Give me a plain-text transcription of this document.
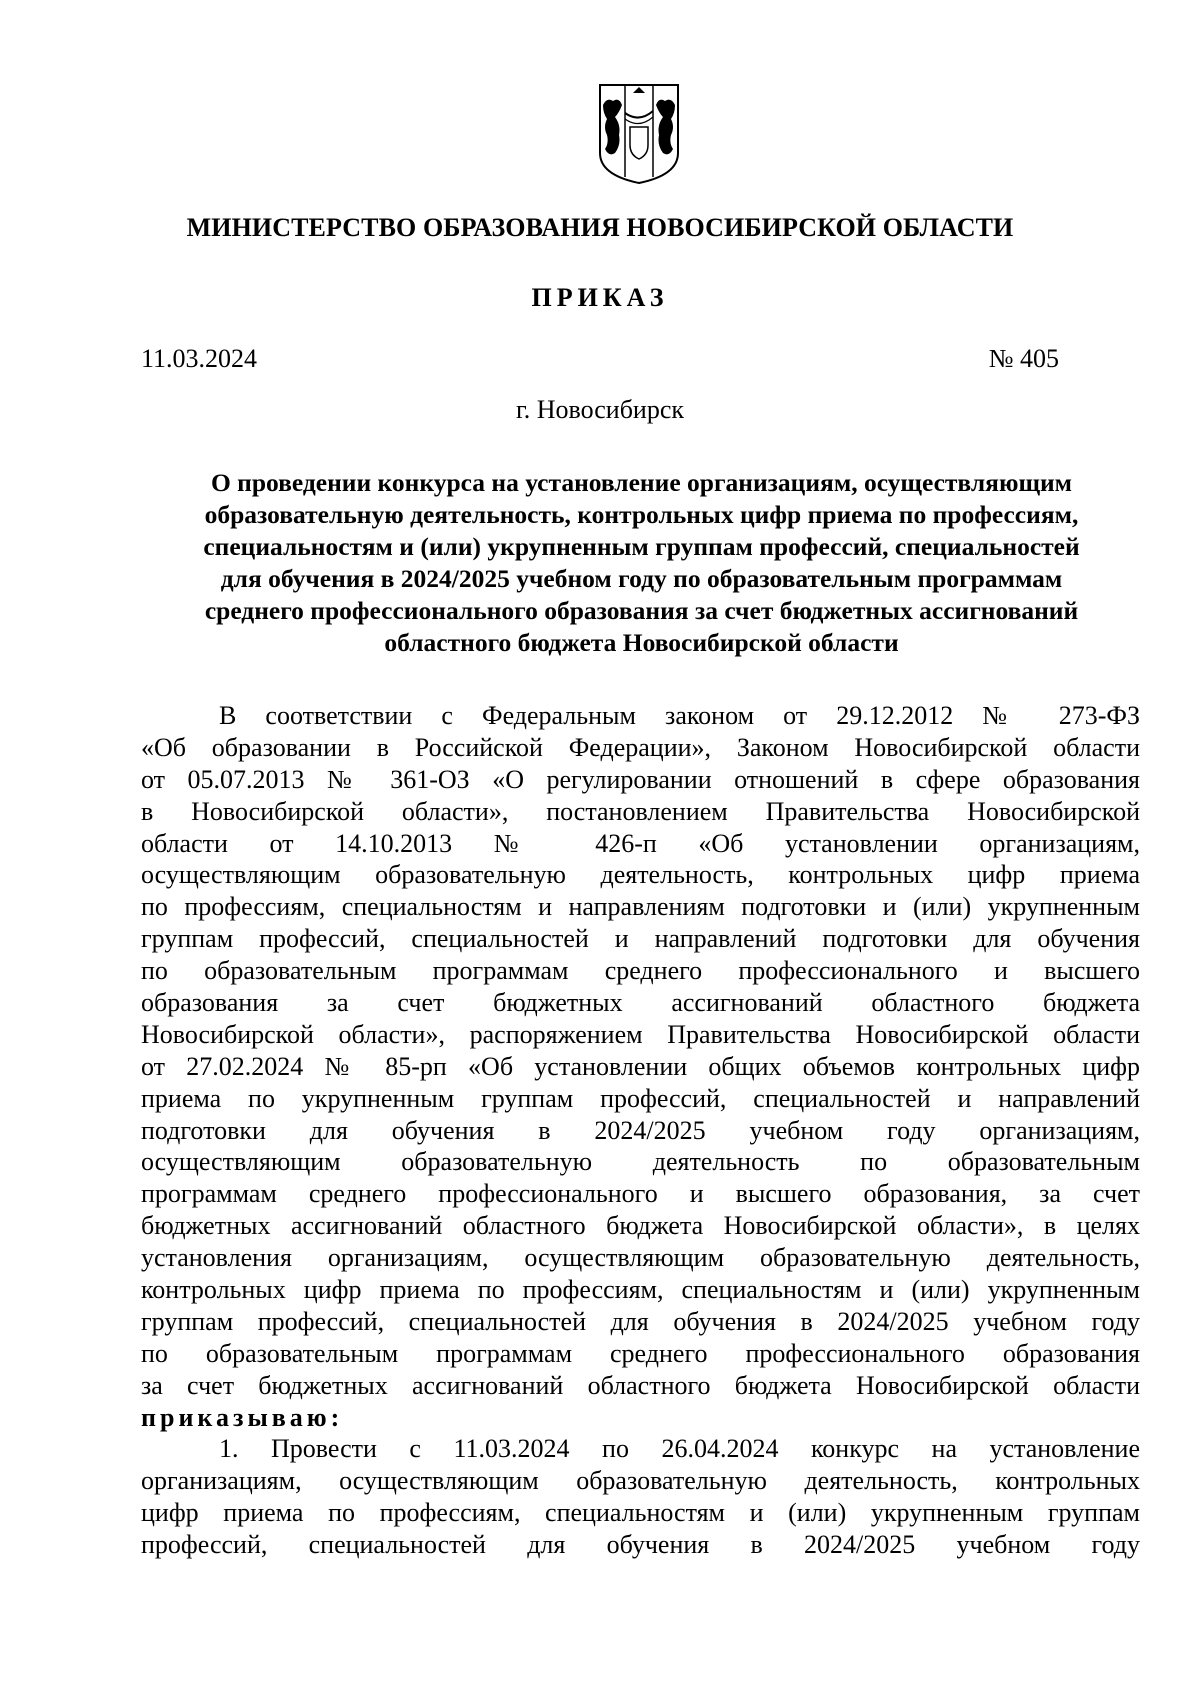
МИНИСТЕРСТВО ОБРАЗОВАНИЯ НОВОСИБИРСКОЙ ОБЛАСТИ
ПРИКАЗ
11.03.2024	№ 405
г. Новосибирск
О проведении конкурса на установление организациям, осуществляющим
образовательную деятельность, контрольных цифр приема по профессиям,
специальностям и (или) укрупненным группам профессий, специальностей
для обучения в 2024/2025 учебном году по образовательным программам
среднего профессионального образования за счет бюджетных ассигнований
областного бюджета Новосибирской области
В соответствии с Федеральным законом от 29.12.2012 № 273-ФЗ
«Об образовании в Российской Федерации», Законом Новосибирской области
от 05.07.2013 № 361-ОЗ «О регулировании отношений в сфере образования
в Новосибирской области», постановлением Правительства Новосибирской
области от 14.10.2013 № 426-п «Об установлении организациям,
осуществляющим образовательную деятельность, контрольных цифр приема
по профессиям, специальностям и направлениям подготовки и (или) укрупненным
группам профессий, специальностей и направлений подготовки для обучения
по образовательным программам среднего профессионального и высшего
образования за счет бюджетных ассигнований областного бюджета
Новосибирской области», распоряжением Правительства Новосибирской области
от 27.02.2024 № 85-рп «Об установлении общих объемов контрольных цифр
приема по укрупненным группам профессий, специальностей и направлений
подготовки для обучения в 2024/2025 учебном году организациям,
осуществляющим образовательную деятельность по образовательным
программам среднего профессионального и высшего образования, за счет
бюджетных ассигнований областного бюджета Новосибирской области», в целях
установления организациям, осуществляющим образовательную деятельность,
контрольных цифр приема по профессиям, специальностям и (или) укрупненным
группам профессий, специальностей для обучения в 2024/2025 учебном году
по образовательным программам среднего профессионального образования
за счет бюджетных ассигнований областного бюджета Новосибирской области
приказываю:
1. Провести с 11.03.2024 по 26.04.2024 конкурс на установление
организациям, осуществляющим образовательную деятельность, контрольных
цифр приема по профессиям, специальностям и (или) укрупненным группам
профессий, специальностей для обучения в 2024/2025 учебном году
